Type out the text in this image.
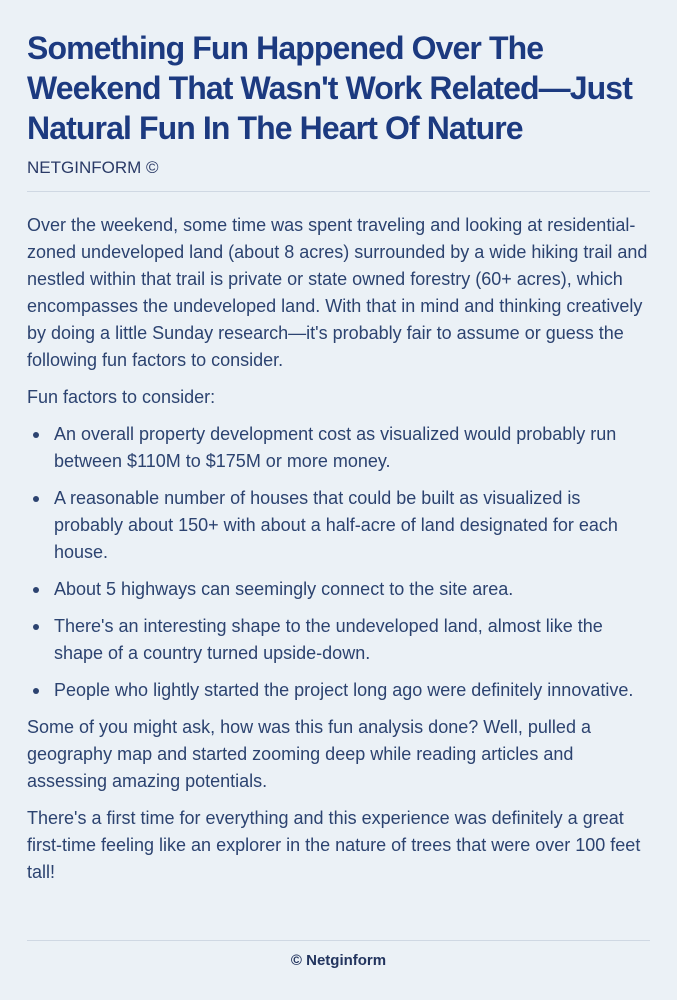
Something Fun Happened Over The Weekend That Wasn't Work Related—Just Natural Fun In The Heart Of Nature
NETGINFORM ©

Over the weekend, some time was spent traveling and looking at residential-zoned undeveloped land (about 8 acres) surrounded by a wide hiking trail and nestled within that trail is private or state owned forestry (60+ acres), which encompasses the undeveloped land. With that in mind and thinking creatively by doing a little Sunday research—it's probably fair to assume or guess the following fun factors to consider.

Fun factors to consider:

An overall property development cost as visualized would probably run between $110M to $175M or more money.
A reasonable number of houses that could be built as visualized is probably about 150+ with about a half-acre of land designated for each house.
About 5 highways can seemingly connect to the site area.
There's an interesting shape to the undeveloped land, almost like the shape of a country turned upside-down.
People who lightly started the project long ago were definitely innovative.

Some of you might ask, how was this fun analysis done? Well, pulled a geography map and started zooming deep while reading articles and assessing amazing potentials.

There's a first time for everything and this experience was definitely a great first-time feeling like an explorer in the nature of trees that were over 100 feet tall!

© Netginform
